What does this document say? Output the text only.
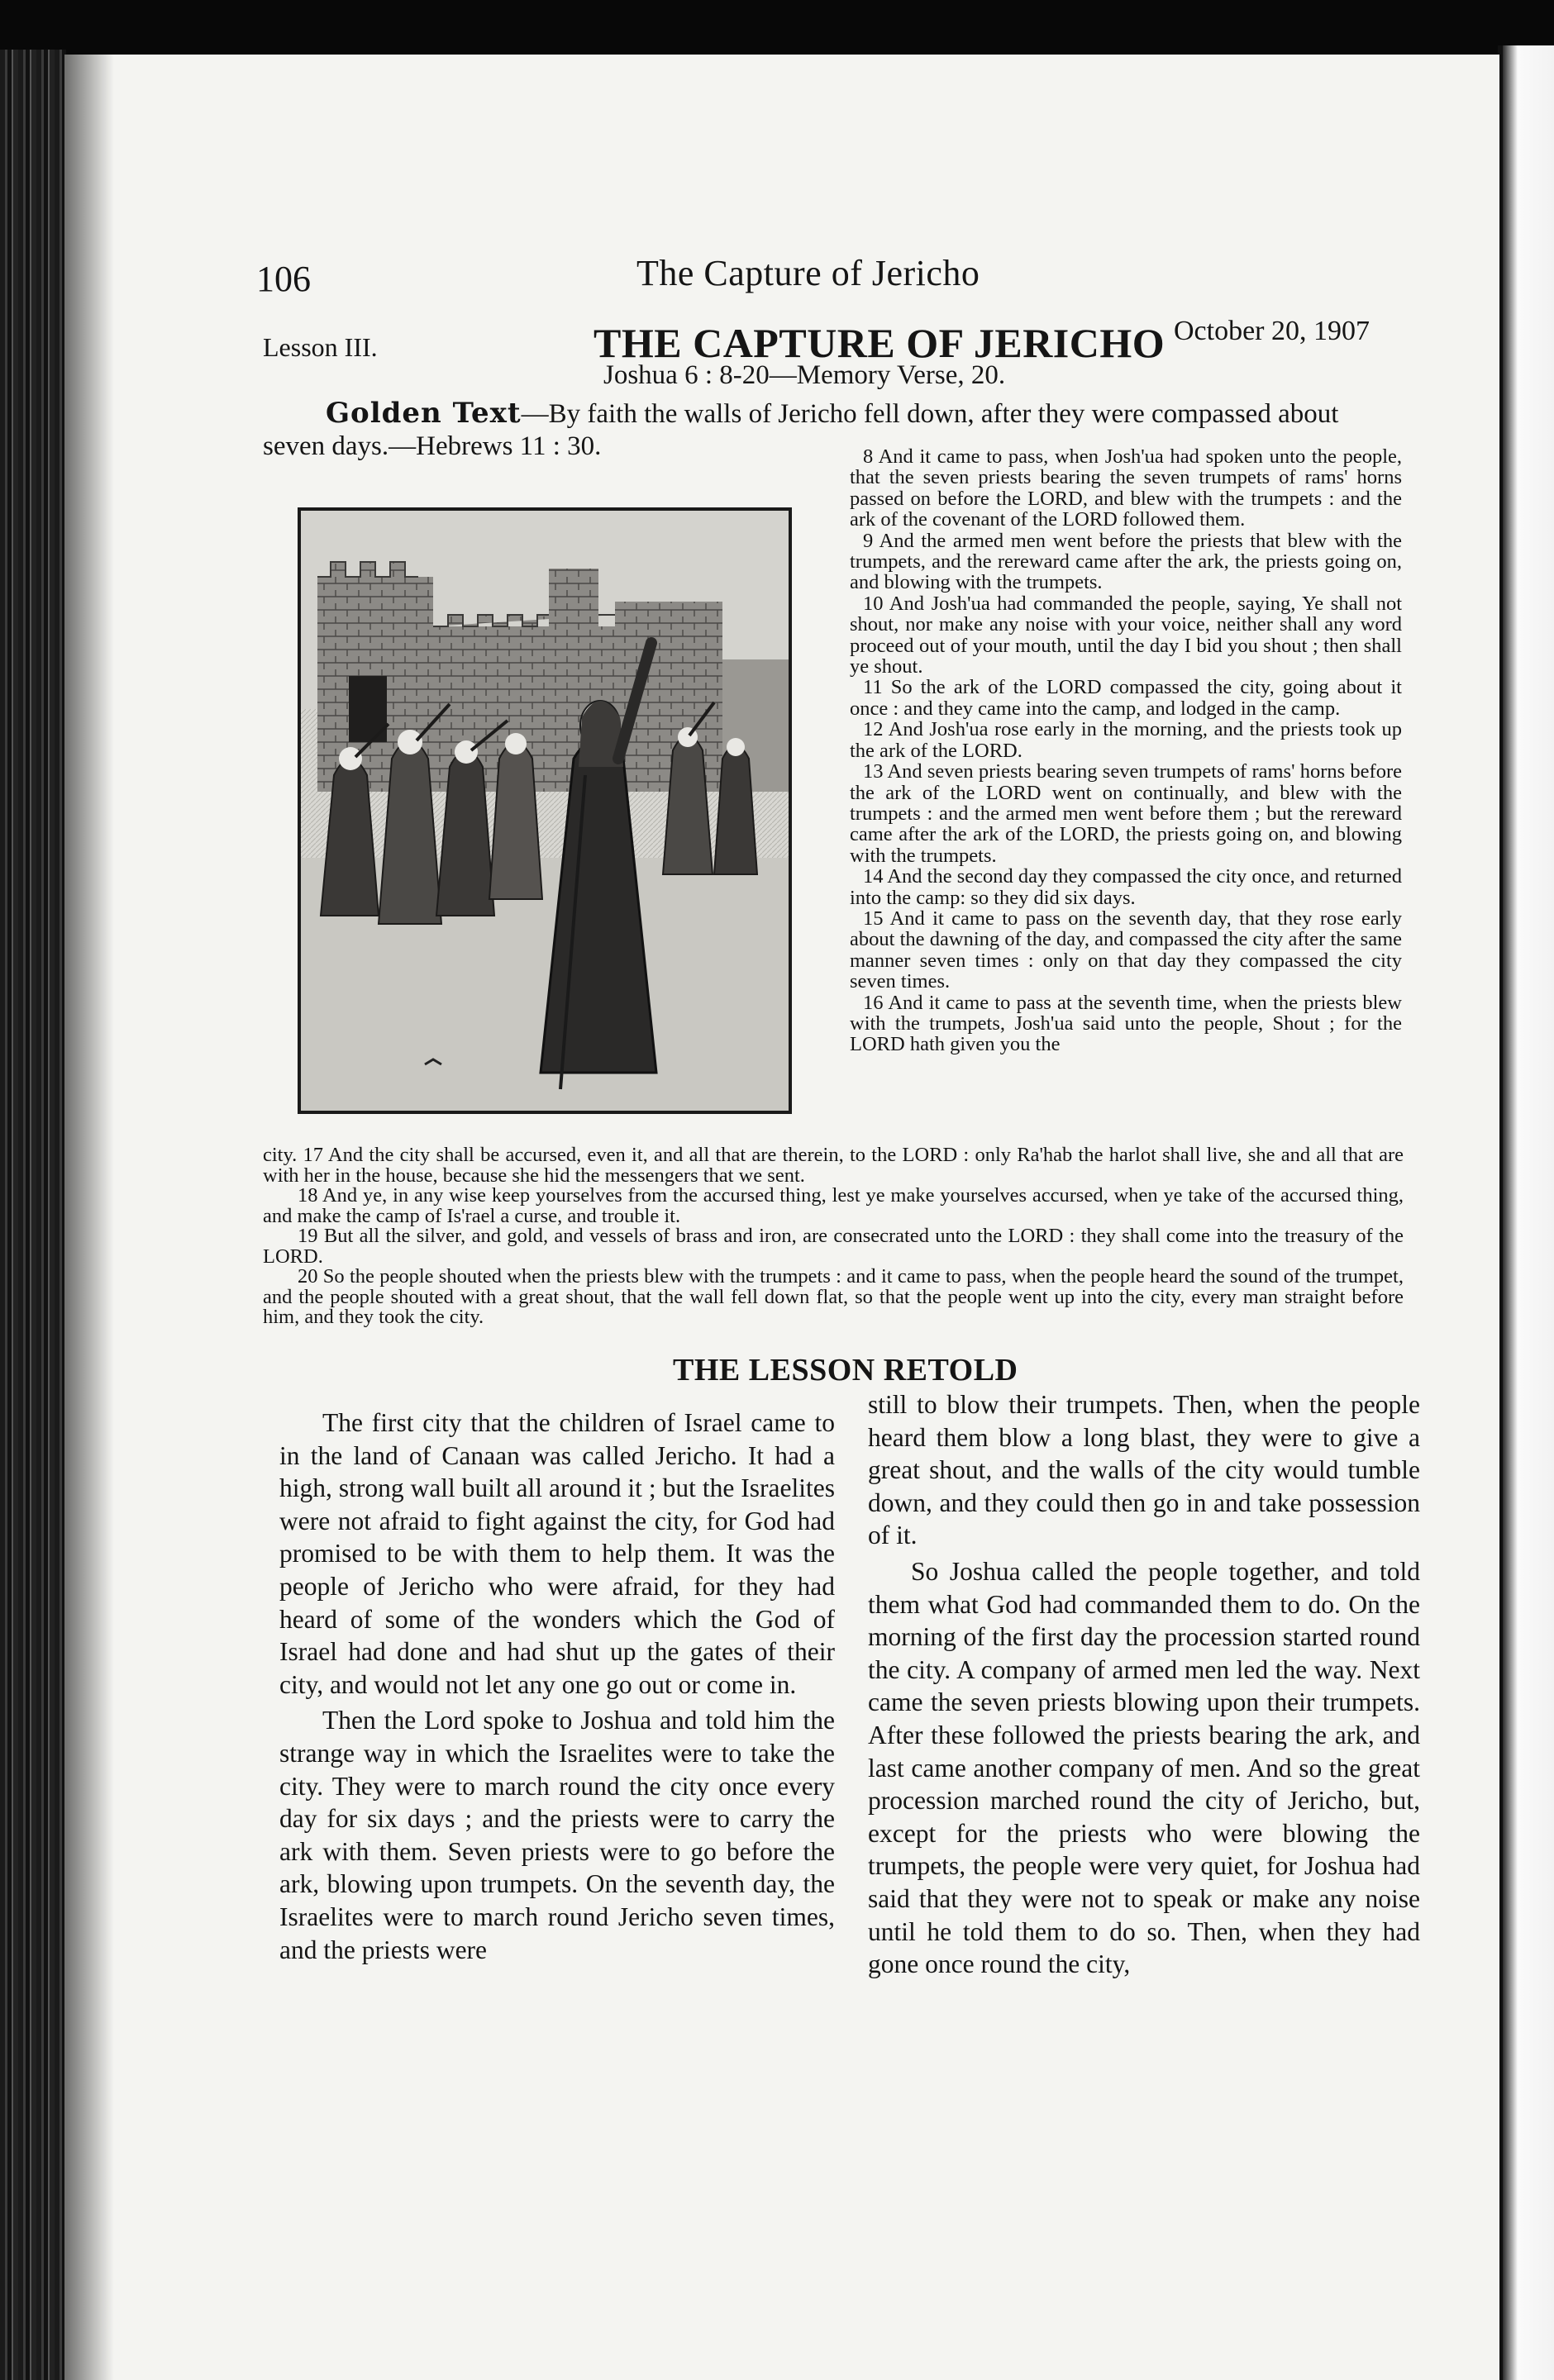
106	The Capture of Jericho
Lesson III.	THE CAPTURE OF JERICHO October 20, 1907
Joshua 6 : 8-20—Memory Verse, 20.
Golden Text—By faith the walls of Jericho fell down, after they were compassed about
seven days.—Hebrews 11 : 30.	8 And it came to pass, when Josh'ua had spoken unto the people, that the seven priests bearing the seven trumpets of rams' horns passed on before the LORD, and blew with the trumpets : and the ark of the covenant of the LORD followed them.

9 And the armed men went before the priests that blew with the trumpets, and the rereward came after the ark, the priests going on, and blowing with the trumpets.

10 And Josh'ua had commanded the people, saying, Ye shall not shout, nor make any noise with your voice, neither shall any word proceed out of your mouth, until the day I bid you shout ; then shall ye shout.

11 So the ark of the LORD compassed the city, going about it once : and they came into the camp, and lodged in the camp.

12 And Josh'ua rose early in the morning, and the priests took up the ark of the LORD.

13 And seven priests bearing seven trumpets of rams' horns before the ark of the LORD went on continually, and blew with the trumpets : and the armed men went before them ; but the rereward came after the ark of the LORD, the priests going on, and blowing with the trumpets.

14 And the second day they compassed the city once, and returned into the camp: so they did six days.

15 And it came to pass on the seventh day, that they rose early about the dawning of the day, and compassed the city after the same manner seven times : only on that day they compassed the city seven times.

16 And it came to pass at the seventh time, when the priests blew with the trumpets, Josh'ua said unto the people, Shout ; for the LORD hath given you the

city. 17 And the city shall be accursed, even it, and all that are therein, to the LORD : only Ra'hab the harlot shall live, she and all that are with her in the house, because she hid the messengers that we sent.

18 And ye, in any wise keep yourselves from the accursed thing, lest ye make yourselves accursed, when ye take of the accursed thing, and make the camp of Is'rael a curse, and trouble it.

19 But all the silver, and gold, and vessels of brass and iron, are consecrated unto the LORD : they shall come into the treasury of the LORD.

20 So the people shouted when the priests blew with the trumpets : and it came to pass, when the people heard the sound of the trumpet, and the people shouted with a great shout, that the wall fell down flat, so that the people went up into the city, every man straight before him, and they took the city.

THE LESSON RETOLD

The first city that the children of Israel came to in the land of Canaan was called Jericho. It had a high, strong wall built all around it ; but the Israelites were not afraid to fight against the city, for God had promised to be with them to help them. It was the people of Jericho who were afraid, for they had heard of some of the wonders which the God of Israel had done and had shut up the gates of their city, and would not let any one go out or come in.

Then the Lord spoke to Joshua and told him the strange way in which the Israelites were to take the city. They were to march round the city once every day for six days ; and the priests were to carry the ark with them. Seven priests were to go before the ark, blowing upon trumpets. On the seventh day, the Israelites were to march round Jericho seven times, and the priests were

still to blow their trumpets. Then, when the people heard them blow a long blast, they were to give a great shout, and the walls of the city would tumble down, and they could then go in and take possession of it.

So Joshua called the people together, and told them what God had commanded them to do. On the morning of the first day the procession started round the city. A company of armed men led the way. Next came the seven priests blowing upon their trumpets. After these followed the priests bearing the ark, and last came another company of men. And so the great procession marched round the city of Jericho, but, except for the priests who were blowing the trumpets, the people were very quiet, for Joshua had said that they were not to speak or make any noise until he told them to do so. Then, when they had gone once round the city,
